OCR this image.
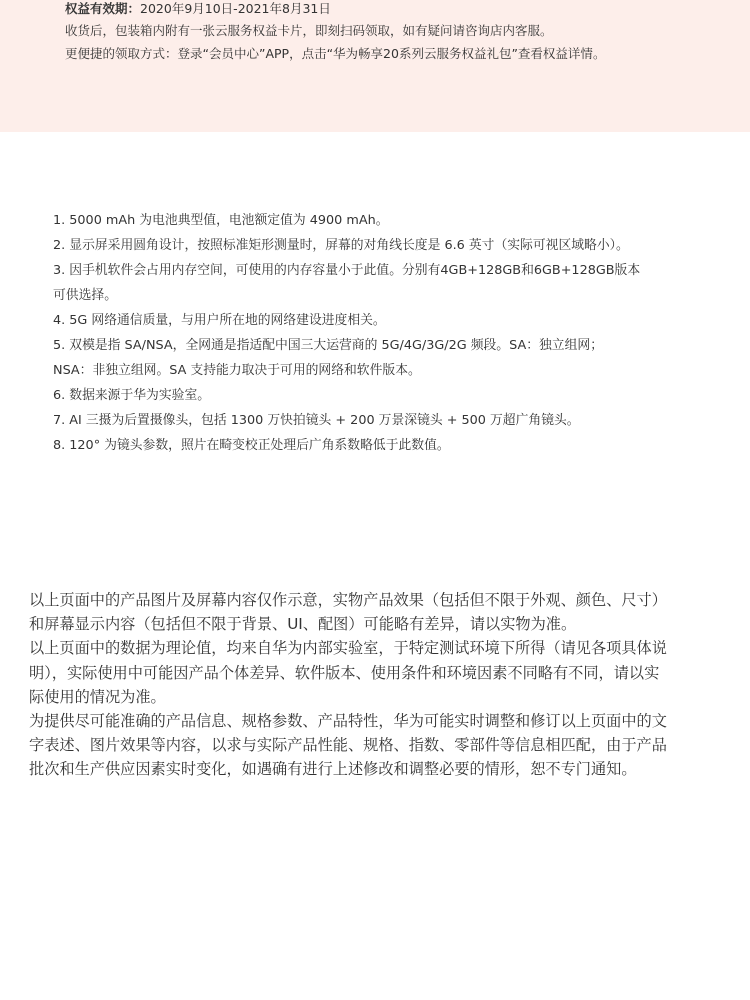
权益有效期：2020年9月10日-2021年8月31日
收货后，包装箱内附有一张云服务权益卡片，即刻扫码领取，如有疑问请咨询店内客服。
更便捷的领取方式：登录“会员中心”APP，点击“华为畅享20系列云服务权益礼包”查看权益详情。
1. 5000 mAh 为电池典型值，电池额定值为 4900 mAh。
2. 显示屏采用圆角设计，按照标准矩形测量时，屏幕的对角线长度是 6.6 英寸（实际可视区域略小）。
3. 因手机软件会占用内存空间，可使用的内存容量小于此值。分别有4GB+128GB和6GB+128GB版本
可供选择。
4. 5G 网络通信质量，与用户所在地的网络建设进度相关。
5. 双模是指 SA/NSA，全网通是指适配中国三大运营商的 5G/4G/3G/2G 频段。SA：独立组网；
NSA：非独立组网。SA 支持能力取决于可用的网络和软件版本。
6. 数据来源于华为实验室。
7. AI 三摄为后置摄像头，包括 1300 万快拍镜头 + 200 万景深镜头 + 500 万超广角镜头。
8. 120° 为镜头参数，照片在畸变校正处理后广角系数略低于此数值。
以上页面中的产品图片及屏幕内容仅作示意，实物产品效果（包括但不限于外观、颜色、尺寸）
和屏幕显示内容（包括但不限于背景、UI、配图）可能略有差异，请以实物为准。
以上页面中的数据为理论值，均来自华为内部实验室，于特定测试环境下所得（请见各项具体说
明），实际使用中可能因产品个体差异、软件版本、使用条件和环境因素不同略有不同，请以实
际使用的情况为准。
为提供尽可能准确的产品信息、规格参数、产品特性，华为可能实时调整和修订以上页面中的文
字表述、图片效果等内容，以求与实际产品性能、规格、指数、零部件等信息相匹配，由于产品
批次和生产供应因素实时变化，如遇确有进行上述修改和调整必要的情形，恕不专门通知。
